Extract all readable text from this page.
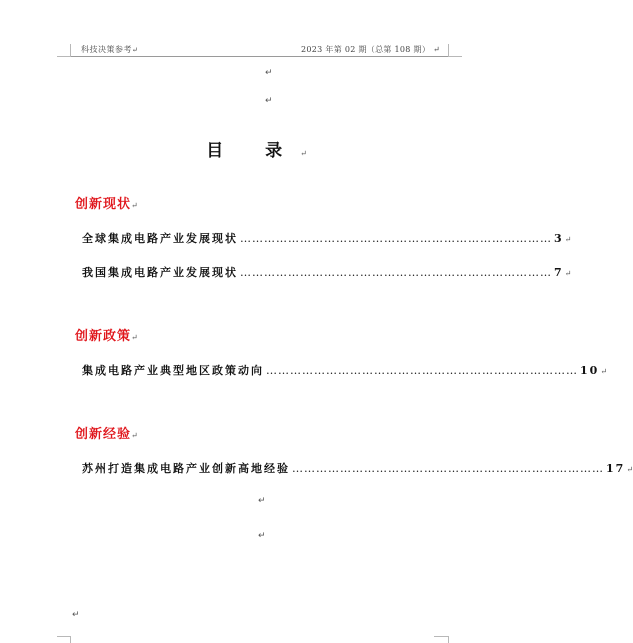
科技决策参考↵	2023 年第 02 期（总第 108 期） ↵
↵
↵
目 录↵
创新现状↵
全球集成电路产业发展现状 …………………………………………………………………… 3 ↵
我国集成电路产业发展现状 …………………………………………………………………… 7 ↵
创新政策↵
集成电路产业典型地区政策动向 …………………………………………………………………… 10 ↵
创新经验↵
苏州打造集成电路产业创新高地经验 …………………………………………………………………… 17 ↵
↵
↵
↵
